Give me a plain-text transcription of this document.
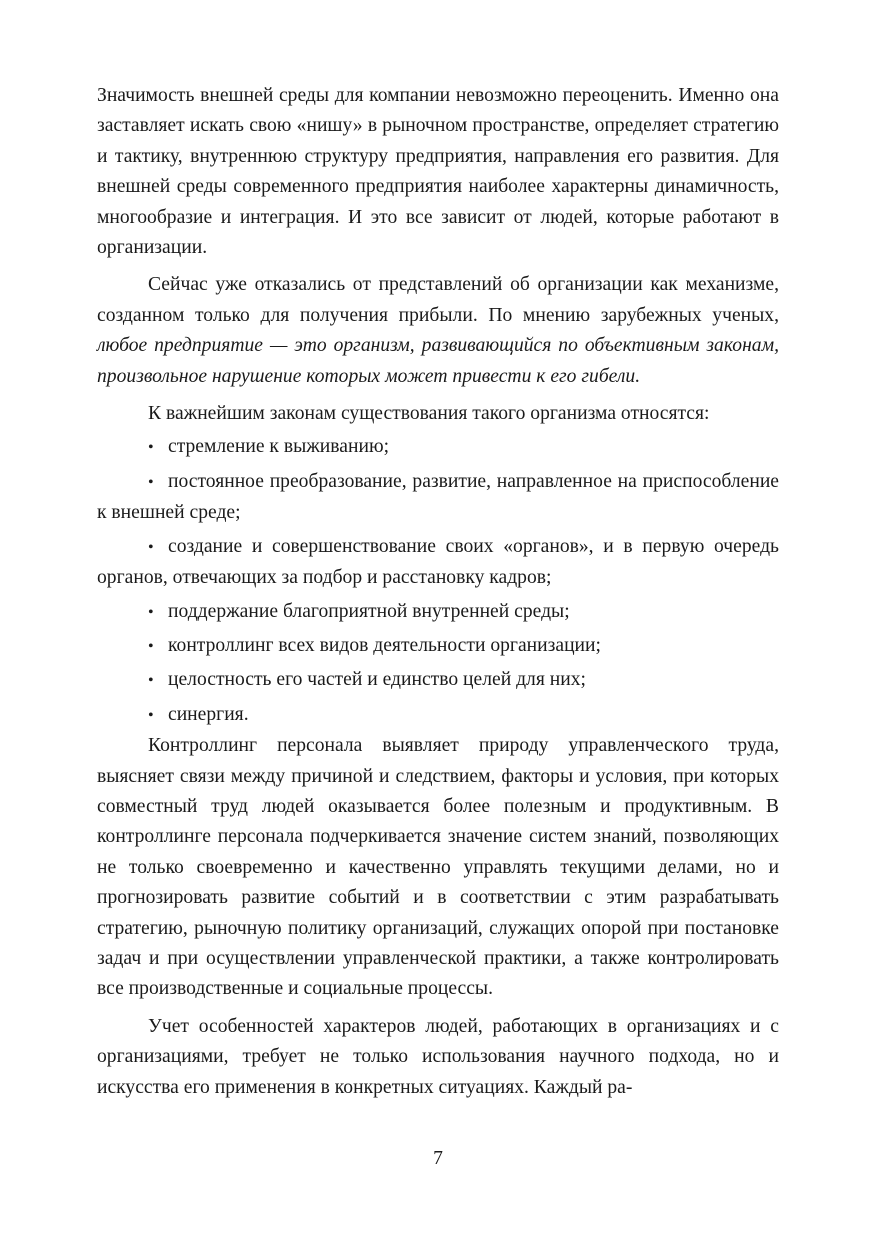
Значимость внешней среды для компании невозможно переоценить. Именно она заставляет искать свою «нишу» в рыночном пространстве, определяет стратегию и тактику, внутреннюю структуру предприятия, направления его развития. Для внешней среды современного предприятия наиболее характерны динамичность, многообразие и интеграция. И это все зависит от людей, которые работают в организации.

Сейчас уже отказались от представлений об организации как механизме, созданном только для получения прибыли. По мнению зарубежных ученых, любое предприятие — это организм, развивающийся по объективным законам, произвольное нарушение которых может привести к его гибели.

К важнейшим законам существования такого организма относятся:

• стремление к выживанию;

• постоянное преобразование, развитие, направленное на приспособление к внешней среде;

• создание и совершенствование своих «органов», и в первую очередь органов, отвечающих за подбор и расстановку кадров;

• поддержание благоприятной внутренней среды;

• контроллинг всех видов деятельности организации;

• целостность его частей и единство целей для них;

• синергия.

Контроллинг персонала выявляет природу управленческого труда, выясняет связи между причиной и следствием, факторы и условия, при которых совместный труд людей оказывается более полезным и продуктивным. В контроллинге персонала подчеркивается значение систем знаний, позволяющих не только своевременно и качественно управлять текущими делами, но и прогнозировать развитие событий и в соответствии с этим разрабатывать стратегию, рыночную политику организаций, служащих опорой при постановке задач и при осуществлении управленческой практики, а также контролировать все производственные и социальные процессы.

Учет особенностей характеров людей, работающих в организациях и с организациями, требует не только использования научного подхода, но и искусства его применения в конкретных ситуациях. Каждый ра-

7
